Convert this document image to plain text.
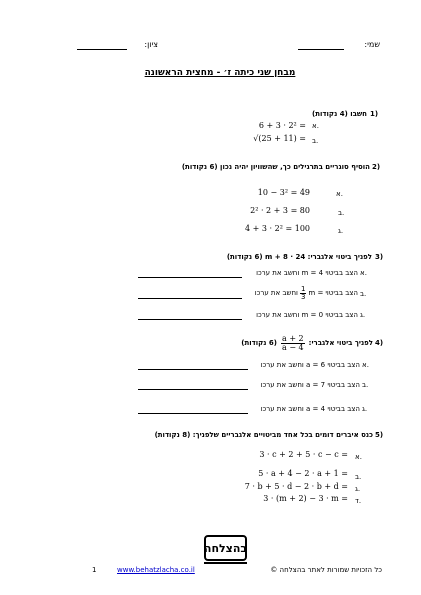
שמי:
ציון:
מבחן שני כיתה ז׳ - מחצית הראשונה
1)
חשבו (4 נקודות)
א.
6 + 3 · 2² =
ב.
√(25 + 11) =
2)
הוסיף סוגריים בתרגילים כך, שהשוויון יהיה נכון (6 נקודות)
א.
10 − 3² = 49
ב.
2² · 2 + 3 = 80
ג.
4 + 3 · 2² = 100
3)
לפניך ביטוי אלגברי: 24 · m + 8 (6 נקודות)
א.
הצב בביטוי m = 4 וחשב את ערכו
ב.
הצב בביטוי
m =
$\frac{1}{3}$
וחשב את ערכו
ג.
הצב בביטוי m = 0 וחשב את ערכו
4)
לפניך ביטוי אלגברי:
$\frac{a + 2}{a - 4}$
(6 נקודות)
א.
הצב בביטוי a = 6 וחשב את ערכו
ב.
הצב בביטוי a = 7 וחשב את ערכו
ג.
הצב בביטוי a = 4 וחשב את ערכו
5)
כנס איברים דומים בכל אחד מביטויים אלגבריים שלפניך: (8 נקודות)
א.
3 · c + 2 + 5 · c − c =
ב.
5 · a + 4 − 2 · a + 1 =
ג.
7 · b + 5 · d − 2 · b + d =
ד.
3 · (m + 2) − 3 · m =
בהצלחה
1	www.behatzlacha.co.il	כל הזכויות שמורות לאתר בהצלחה ©
